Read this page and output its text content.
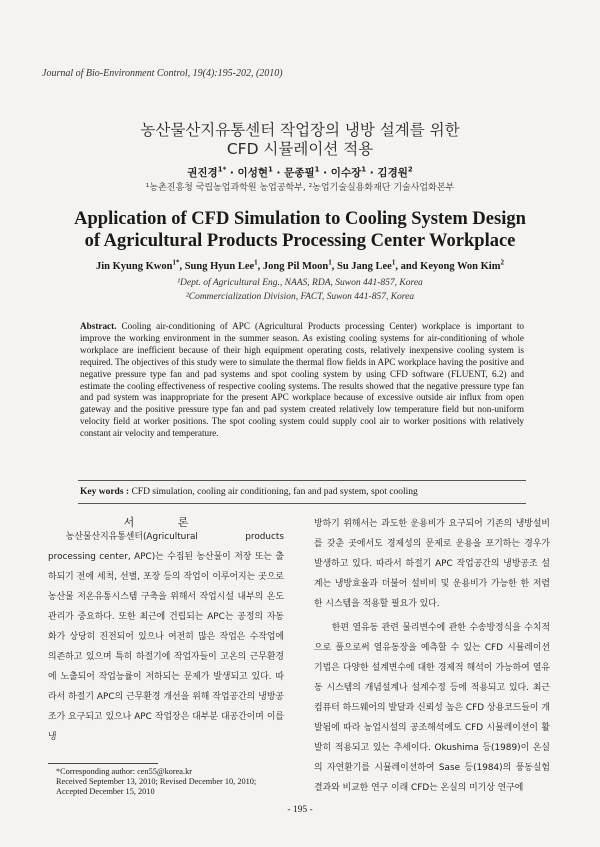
Journal of Bio-Environment Control, 19(4):195-202, (2010)
농산물산지유통센터 작업장의 냉방 설계를 위한
CFD 시뮬레이션 적용
권진경$^{1*}$ · 이성현$^1$ · 문종필$^1$ · 이수장$^1$ · 김경원$^2$
¹농촌진흥청 국립농업과학원 농업공학부, ²농업기술실용화재단 기술사업화본부
Application of CFD Simulation to Cooling System Design
of Agricultural Products Processing Center Workplace
Jin Kyung Kwon$^{1*}$, Sung Hyun Lee$^1$, Jong Pil Moon$^1$, Su Jang Lee$^1$, and Keyong Won Kim$^2$
¹Dept. of Agricultural Eng., NAAS, RDA, Suwon 441-857, Korea
²Commercialization Division, FACT, Suwon 441-857, Korea
Abstract. Cooling air-conditioning of APC (Agricultural Products processing Center) workplace is important to improve the working environment in the summer season. As existing cooling systems for air-conditioning of whole workplace are inefficient because of their high equipment operating costs, relatively inexpensive cooling system is required. The objectives of this study were to simulate the thermal flow fields in APC workplace having the positive and negative pressure type fan and pad systems and spot cooling system by using CFD software (FLUENT, 6.2) and estimate the cooling effectiveness of respective cooling systems. The results showed that the negative pressure type fan and pad system was inappropriate for the present APC workplace because of excessive outside air influx from open gateway and the positive pressure type fan and pad system created relatively low temperature field but non-uniform velocity field at worker positions. The spot cooling system could supply cool air to worker positions with relatively constant air velocity and temperature.
Key words : CFD simulation, cooling air conditioning, fan and pad system, spot cooling
서 론
농산물산지유통센터(Agricultural products processing center, APC)는 수집된 농산물이 저장 또는 출하되기 전에 세척, 선별, 포장 등의 작업이 이루어지는 곳으로 농산물 저온유통시스템 구축을 위해서 작업시설 내부의 온도관리가 중요하다. 또한 최근에 건립되는 APC는 공정의 자동화가 상당히 진전되어 있으나 여전히 많은 작업은 수작업에 의존하고 있으며 특히 하절기에 작업자들이 고온의 근무환경에 노출되어 작업능률이 저하되는 문제가 발생되고 있다. 따라서 하절기 APC의 근무환경 개선을 위해 작업공간의 냉방공조가 요구되고 있으나 APC 작업장은 대부분 대공간이며 이를 냉
방하기 위해서는 과도한 운용비가 요구되어 기존의 냉방설비를 갖춘 곳에서도 경제성의 문제로 운용을 포기하는 경우가 발생하고 있다. 따라서 하절기 APC 작업공간의 냉방공조 설계는 냉방효율과 더불어 설비비 및 운용비가 가능한 한 저렴한 시스템을 적용할 필요가 있다.
한편 열유동 관련 물리변수에 관한 수송방정식을 수치적으로 풀으로써 열유동장을 예측할 수 있는 CFD 시뮬레이션 기법은 다양한 설계변수에 대한 경제적 해석이 가능하여 열유동 시스템의 개념설계나 설계수정 등에 적용되고 있다. 최근 컴퓨터 하드웨어의 발달과 신뢰성 높은 CFD 상용코드들이 개발됨에 따라 농업시설의 공조해석에도 CFD 시뮬레이션이 활발히 적용되고 있는 추세이다. Okushima 등(1989)이 온실의 자연환기를 시뮬레이션하여 Sase 등(1984)의 풍동실험 결과와 비교한 연구 이래 CFD는 온실의 미기상 연구에
*Corresponding author: cen55@korea.kr
Received September 13, 2010; Revised December 10, 2010;
Accepted December 15, 2010
- 195 -
